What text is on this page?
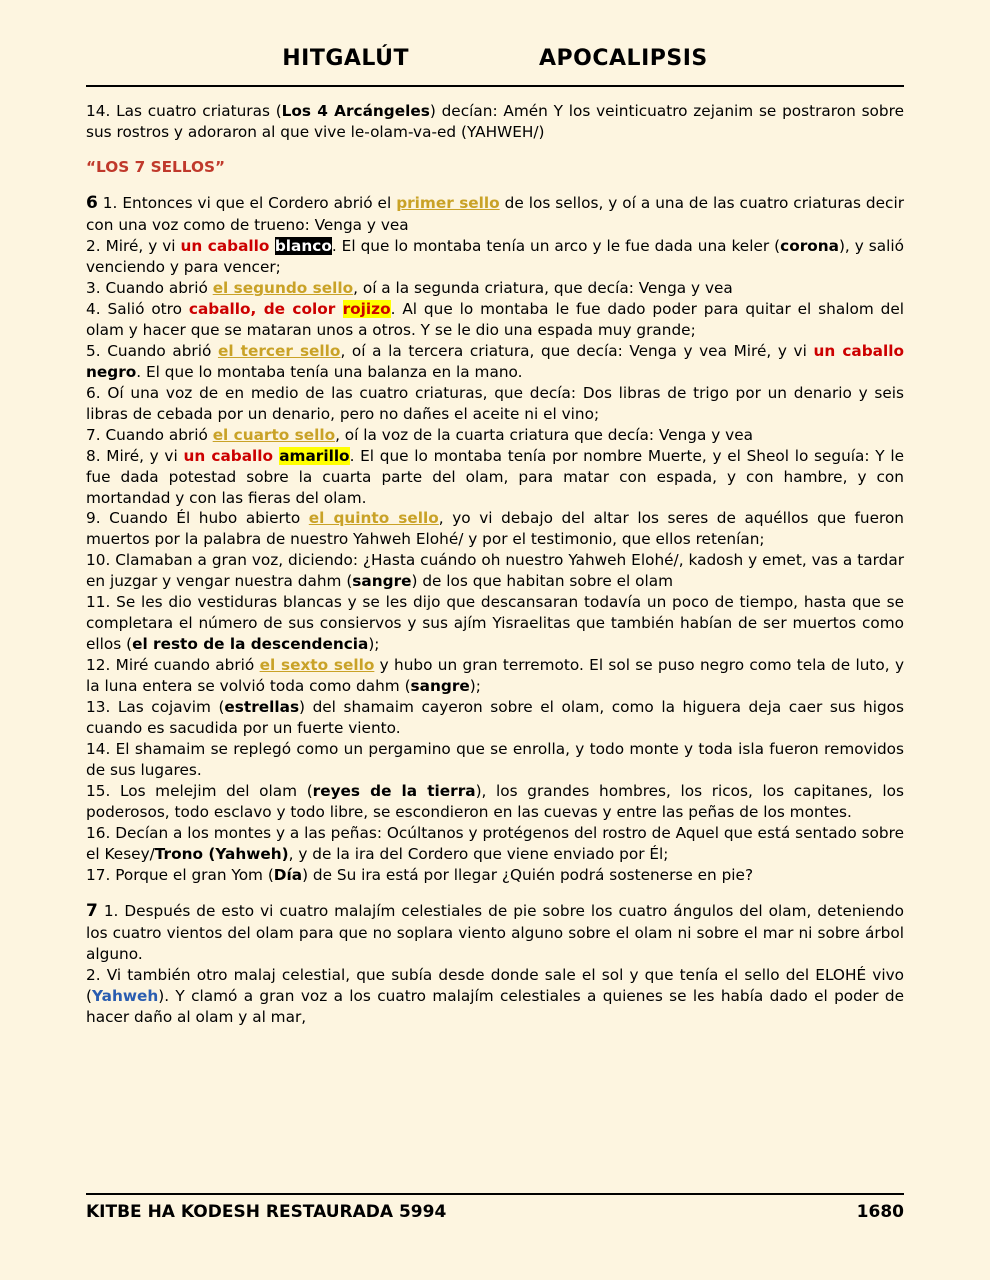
HITGALÚT	APOCALIPSIS

14. Las cuatro criaturas (Los 4 Arcángeles) decían: Amén Y los veinticuatro zejanim se postraron sobre sus rostros y adoraron al que vive le-olam-va-ed (YAHWEH/)

“LOS 7 SELLOS”

6 1. Entonces vi que el Cordero abrió el primer sello de los sellos, y oí a una de las cuatro criaturas decir con una voz como de trueno: Venga y vea

2. Miré, y vi un caballo blanco. El que lo montaba tenía un arco y le fue dada una keler (corona), y salió venciendo y para vencer;

3. Cuando abrió el segundo sello, oí a la segunda criatura, que decía: Venga y vea

4. Salió otro caballo, de color rojizo. Al que lo montaba le fue dado poder para quitar el shalom del olam y hacer que se mataran unos a otros. Y se le dio una espada muy grande;

5. Cuando abrió el tercer sello, oí a la tercera criatura, que decía: Venga y vea Miré, y vi un caballo negro. El que lo montaba tenía una balanza en la mano.

6. Oí una voz de en medio de las cuatro criaturas, que decía: Dos libras de trigo por un denario y seis libras de cebada por un denario, pero no dañes el aceite ni el vino;

7. Cuando abrió el cuarto sello, oí la voz de la cuarta criatura que decía: Venga y vea

8. Miré, y vi un caballo amarillo. El que lo montaba tenía por nombre Muerte, y el Sheol lo seguía: Y le fue dada potestad sobre la cuarta parte del olam, para matar con espada, y con hambre, y con mortandad y con las fieras del olam.

9. Cuando Él hubo abierto el quinto sello, yo vi debajo del altar los seres de aquéllos que fueron muertos por la palabra de nuestro Yahweh Elohé/ y por el testimonio, que ellos retenían;

10. Clamaban a gran voz, diciendo: ¿Hasta cuándo oh nuestro Yahweh Elohé/, kadosh y emet, vas a tardar en juzgar y vengar nuestra dahm (sangre) de los que habitan sobre el olam

11. Se les dio vestiduras blancas y se les dijo que descansaran todavía un poco de tiempo, hasta que se completara el número de sus consiervos y sus ajím Yisraelitas que también habían de ser muertos como ellos (el resto de la descendencia);

12. Miré cuando abrió el sexto sello y hubo un gran terremoto. El sol se puso negro como tela de luto, y la luna entera se volvió toda como dahm (sangre);

13. Las cojavim (estrellas) del shamaim cayeron sobre el olam, como la higuera deja caer sus higos cuando es sacudida por un fuerte viento.

14. El shamaim se replegó como un pergamino que se enrolla, y todo monte y toda isla fueron removidos de sus lugares.

15. Los melejim del olam (reyes de la tierra), los grandes hombres, los ricos, los capitanes, los poderosos, todo esclavo y todo libre, se escondieron en las cuevas y entre las peñas de los montes.

16. Decían a los montes y a las peñas: Ocúltanos y protégenos del rostro de Aquel que está sentado sobre el Kesey/Trono (Yahweh), y de la ira del Cordero que viene enviado por Él;

17. Porque el gran Yom (Día) de Su ira está por llegar ¿Quién podrá sostenerse en pie?

7 1. Después de esto vi cuatro malajím celestiales de pie sobre los cuatro ángulos del olam, deteniendo los cuatro vientos del olam para que no soplara viento alguno sobre el olam ni sobre el mar ni sobre árbol alguno.

2. Vi también otro malaj celestial, que subía desde donde sale el sol y que tenía el sello del ELOHÉ vivo (Yahweh). Y clamó a gran voz a los cuatro malajím celestiales a quienes se les había dado el poder de hacer daño al olam y al mar,

KITBE HA KODESH RESTAURADA 5994	1680
